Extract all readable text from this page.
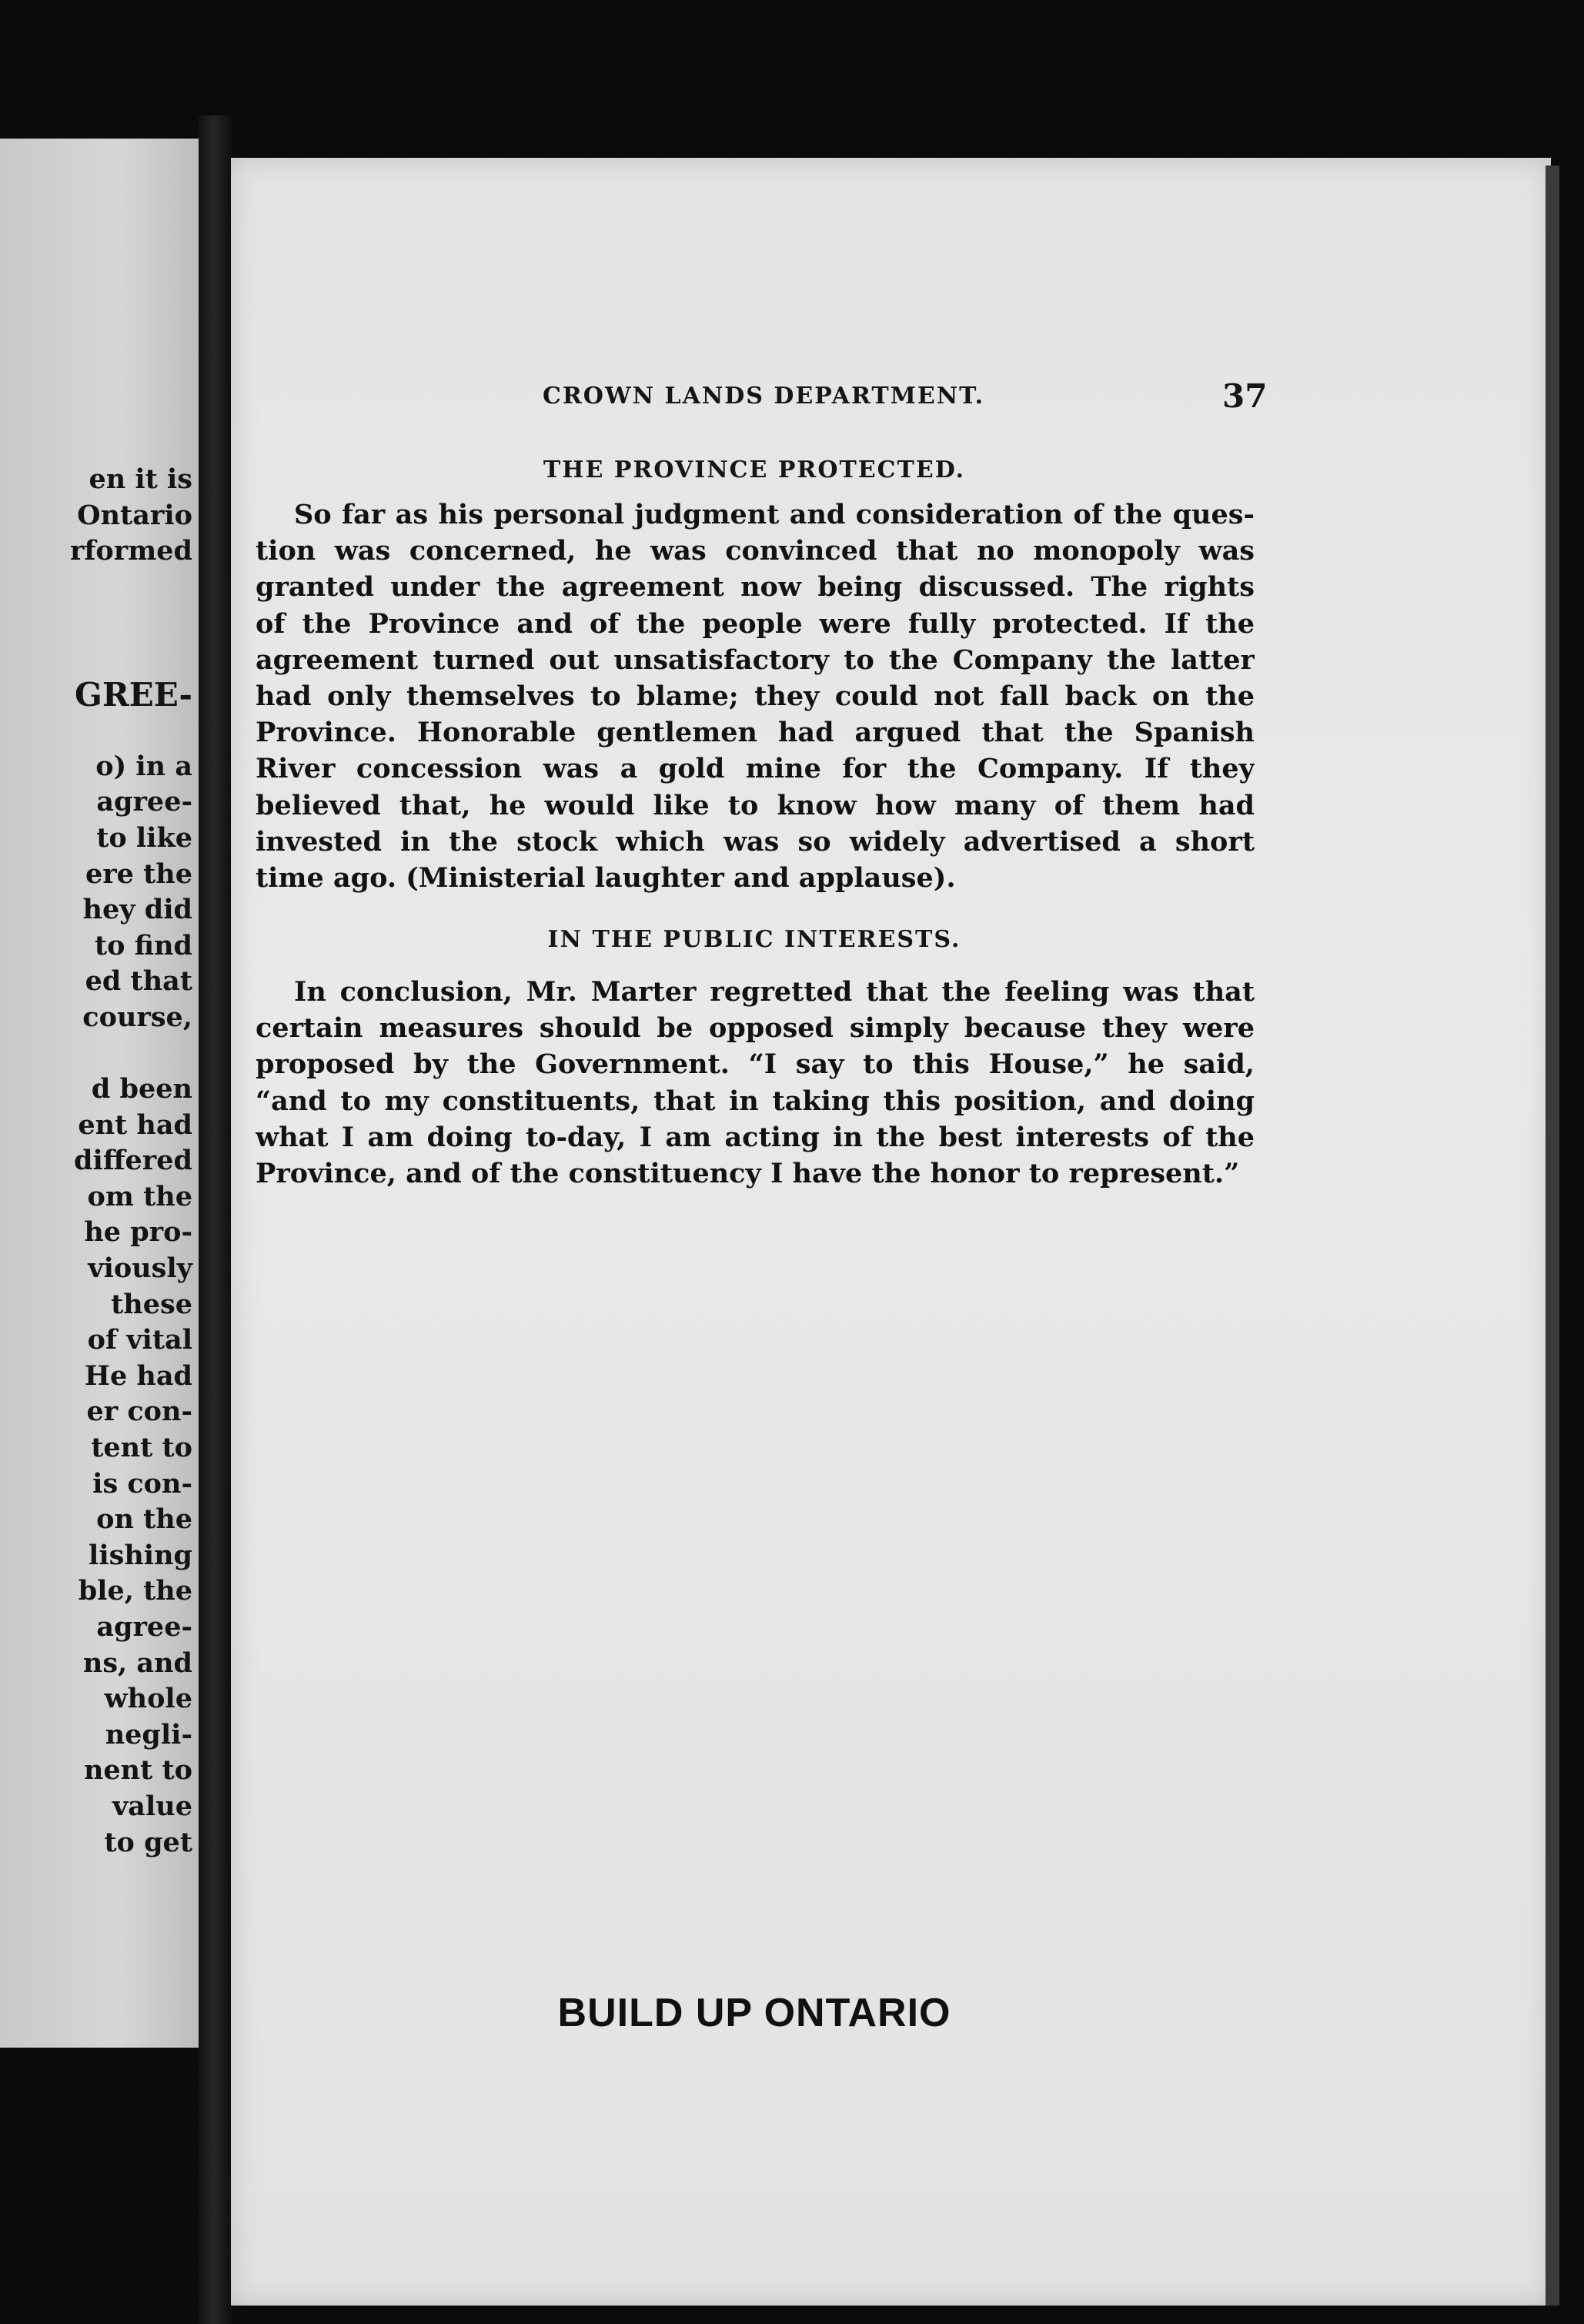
en it is
Ontario
rformed
GREE-
o) in a
agree-
to like
ere the
hey did
to find
ed that
course,
d been
ent had
differed
om the
he pro-
viously
these
of vital
He had
er con-
tent to
is con-
on the
lishing
ble, the
agree-
ns, and
whole
negli-
nent to
value
to get
CROWN LANDS DEPARTMENT.	37
THE PROVINCE PROTECTED.
So far as his personal judgment and consideration of the ques-
tion was concerned, he was convinced that no monopoly was
granted under the agreement now being discussed. The rights
of the Province and of the people were fully protected. If the
agreement turned out unsatisfactory to the Company the latter
had only themselves to blame; they could not fall back on the
Province. Honorable gentlemen had argued that the Spanish
River concession was a gold mine for the Company. If they
believed that, he would like to know how many of them had
invested in the stock which was so widely advertised a short
time ago. (Ministerial laughter and applause).
IN THE PUBLIC INTERESTS.
In conclusion, Mr. Marter regretted that the feeling was that
certain measures should be opposed simply because they were
proposed by the Government. “I say to this House,” he said,
“and to my constituents, that in taking this position, and doing
what I am doing to-day, I am acting in the best interests of the
Province, and of the constituency I have the honor to represent.”
BUILD UP ONTARIO
